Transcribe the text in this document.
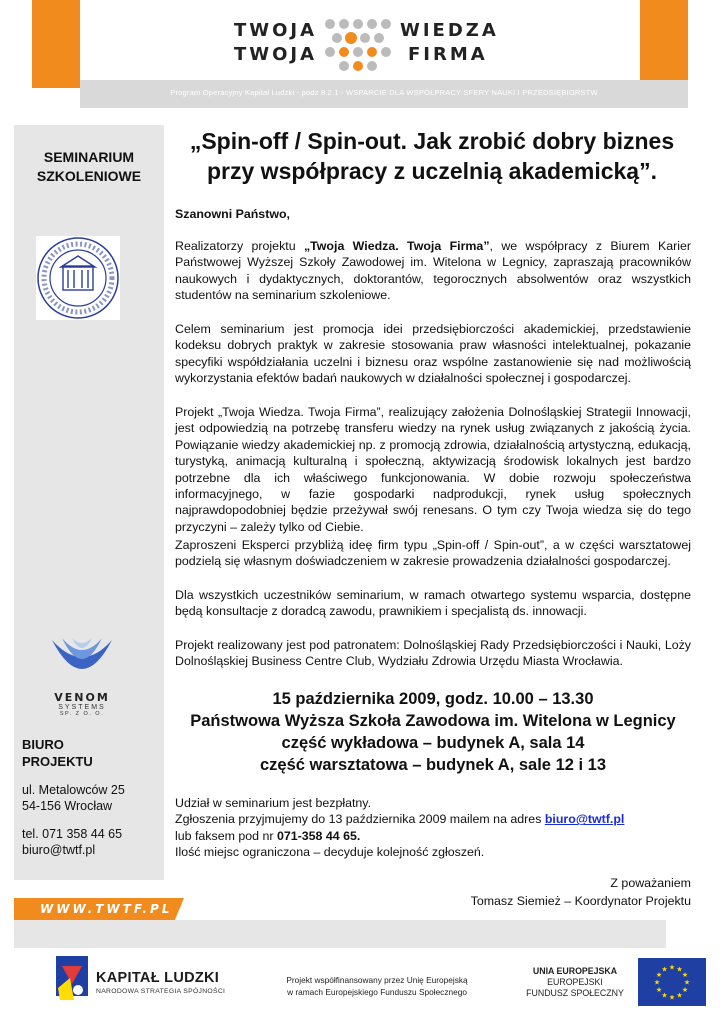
TWOJA	WIEDZA
TWOJA	FIRMA
Program Operacyjny Kapitał Ludzki - podz 8.2.1 - WSPARCIE DLA WSPÓŁPRACY SFERY NAUKI I PRZEDSIĘBIORSTW
SEMINARIUM
SZKOLENIOWE
VENOM
SYSTEMS
SP. Z O. O.
BIURO
PROJEKTU
ul. Metalowców 25
54-156 Wrocław
tel. 071 358 44 65
biuro@twtf.pl
„Spin-off / Spin-out. Jak zrobić dobry biznes przy współpracy z uczelnią akademicką”.
Szanowni Państwo,
Realizatorzy projektu „Twoja Wiedza. Twoja Firma”, we współpracy z Biurem Karier Państwowej Wyższej Szkoły Zawodowej im. Witelona w Legnicy, zapraszają pracowników naukowych i dydaktycznych, doktorantów, tegorocznych absolwentów oraz wszystkich studentów na seminarium szkoleniowe.
Celem seminarium jest promocja idei przedsiębiorczości akademickiej, przedstawienie kodeksu dobrych praktyk w zakresie stosowania praw własności intelektualnej, pokazanie specyfiki współdziałania uczelni i biznesu oraz wspólne zastanowienie się nad możliwością wykorzystania efektów badań naukowych w działalności społecznej i gospodarczej.
Projekt „Twoja Wiedza. Twoja Firma”, realizujący założenia Dolnośląskiej Strategii Innowacji, jest odpowiedzią na potrzebę transferu wiedzy na rynek usług związanych z jakością życia. Powiązanie wiedzy akademickiej np. z promocją zdrowia, działalnością artystyczną, edukacją, turystyką, animacją kulturalną i społeczną, aktywizacją środowisk lokalnych jest bardzo potrzebne dla ich właściwego funkcjonowania. W dobie rozwoju społeczeństwa informacyjnego, w fazie gospodarki nadprodukcji, rynek usług społecznych najprawdopodobniej będzie przeżywał swój renesans. O tym czy Twoja wiedza się do tego przyczyni – zależy tylko od Ciebie.
Zaproszeni Eksperci przybliżą ideę firm typu „Spin-off / Spin-out”, a w części warsztatowej podzielą się własnym doświadczeniem w zakresie prowadzenia działalności gospodarczej.
Dla wszystkich uczestników seminarium, w ramach otwartego systemu wsparcia, dostępne będą konsultacje z doradcą zawodu, prawnikiem i specjalistą ds. innowacji.
Projekt realizowany jest pod patronatem: Dolnośląskiej Rady Przedsiębiorczości i Nauki, Loży Dolnośląskiej Business Centre Club, Wydziału Zdrowia Urzędu Miasta Wrocławia.
15 października 2009, godz. 10.00 – 13.30
Państwowa Wyższa Szkoła Zawodowa im. Witelona w Legnicy
część wykładowa – budynek A, sala 14
część warsztatowa – budynek A, sale 12 i 13
Udział w seminarium jest bezpłatny.
Zgłoszenia przyjmujemy do 13 października 2009 mailem na adres biuro@twtf.pl
lub faksem pod nr 071-358 44 65.
Ilość miejsc ograniczona – decyduje kolejność zgłoszeń.
Z poważaniem
Tomasz Siemież – Koordynator Projektu
WWW.TWTF.PL
KAPITAŁ LUDZKI
NARODOWA STRATEGIA SPÓJNOŚCI
Projekt współfinansowany przez Unię Europejską
w ramach Europejskiego Funduszu Społecznego
UNIA EUROPEJSKA
EUROPEJSKI
FUNDUSZ SPOŁECZNY
★
★
★
★
★
★
★
★
★ ★ ★
★
